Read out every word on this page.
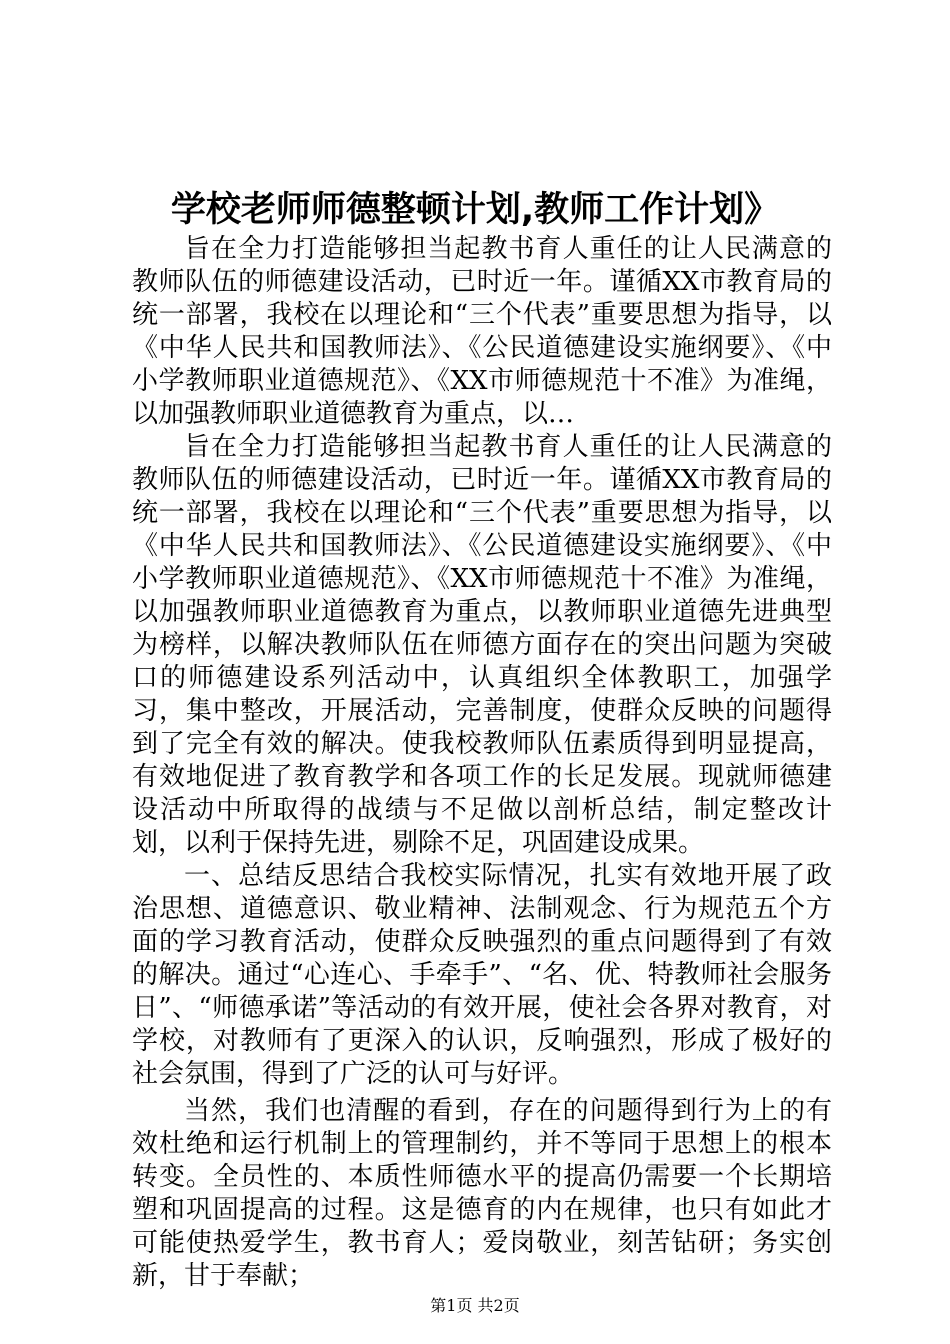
学校老师师德整顿计划,教师工作计划》

旨在全力打造能够担当起教书育人重任的让人民满意的教师队伍的师德建设活动，已时近一年。谨循XX市教育局的统一部署，我校在以理论和“三个代表”重要思想为指导，以《中华人民共和国教师法》、《公民道德建设实施纲要》、《中小学教师职业道德规范》、《XX市师德规范十不准》为准绳，以加强教师职业道德教育为重点，以…

旨在全力打造能够担当起教书育人重任的让人民满意的教师队伍的师德建设活动，已时近一年。谨循XX市教育局的统一部署，我校在以理论和“三个代表”重要思想为指导，以《中华人民共和国教师法》、《公民道德建设实施纲要》、《中小学教师职业道德规范》、《XX市师德规范十不准》为准绳，以加强教师职业道德教育为重点，以教师职业道德先进典型为榜样，以解决教师队伍在师德方面存在的突出问题为突破口的师德建设系列活动中，认真组织全体教职工，加强学习，集中整改，开展活动，完善制度，使群众反映的问题得到了完全有效的解决。使我校教师队伍素质得到明显提高，有效地促进了教育教学和各项工作的长足发展。现就师德建设活动中所取得的战绩与不足做以剖析总结，制定整改计划，以利于保持先进，剔除不足，巩固建设成果。

一、总结反思结合我校实际情况，扎实有效地开展了政治思想、道德意识、敬业精神、法制观念、行为规范五个方面的学习教育活动，使群众反映强烈的重点问题得到了有效的解决。通过“心连心、手牵手”、“名、优、特教师社会服务日”、“师德承诺”等活动的有效开展，使社会各界对教育，对学校，对教师有了更深入的认识，反响强烈，形成了极好的社会氛围，得到了广泛的认可与好评。

当然，我们也清醒的看到，存在的问题得到行为上的有效杜绝和运行机制上的管理制约，并不等同于思想上的根本转变。全员性的、本质性师德水平的提高仍需要一个长期培塑和巩固提高的过程。这是德育的内在规律，也只有如此才可能使热爱学生，教书育人；爱岗敬业，刻苦钻研；务实创新，甘于奉献；

第1页 共2页
